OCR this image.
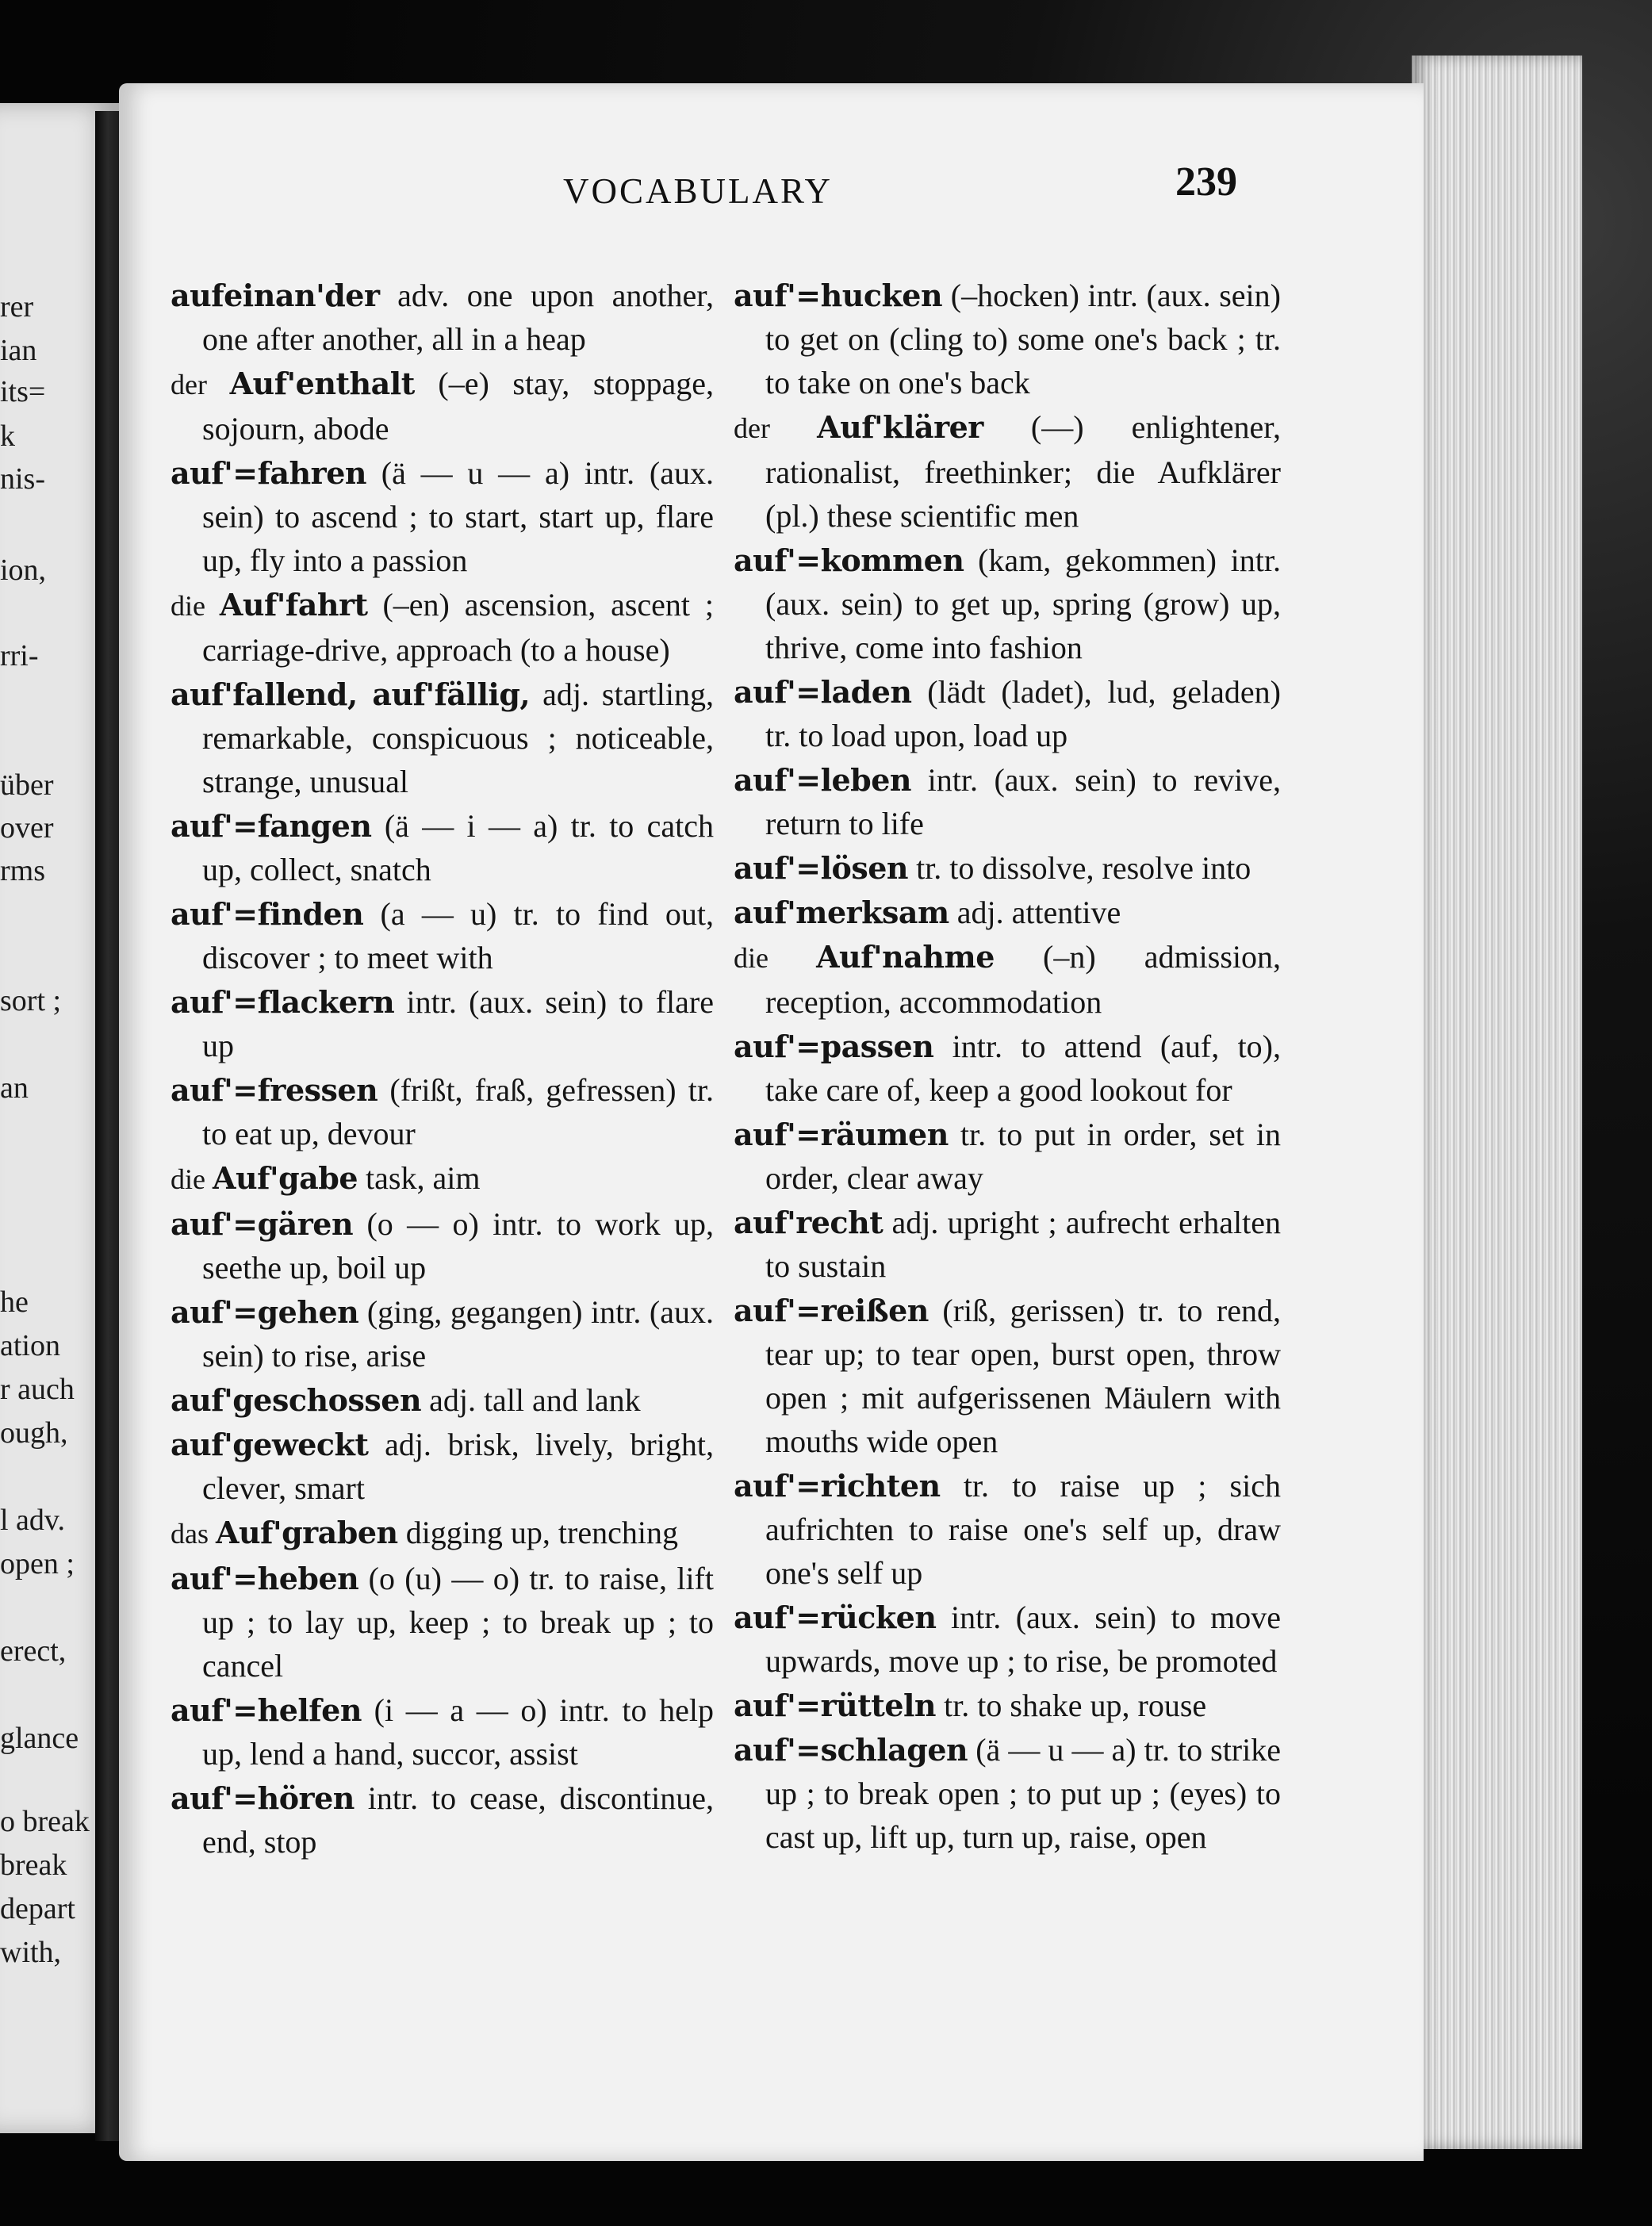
rer
ian
its=
k
nis-
ion,
rri-
über
over
rms
sort ;
an
he
ation
r auch
ough,
l adv.
open ;
erect,
glance
o break
break
depart
with,
VOCABULARY	239
aufeinan'der adv. one upon another, one after another, all in a heap
der Auf'enthalt (–e) stay, stoppage, sojourn, abode
auf'=fahren (ä — u — a) intr. (aux. sein) to ascend ; to start, start up, flare up, fly into a passion
die Auf'fahrt (–en) ascension, ascent ; carriage-drive, approach (to a house)
auf'fallend, auf'fällig, adj. startling, remarkable, conspicuous ; noticeable, strange, unusual
auf'=fangen (ä — i — a) tr. to catch up, collect, snatch
auf'=finden (a — u) tr. to find out, discover ; to meet with
auf'=flackern intr. (aux. sein) to flare up
auf'=fressen (frißt, fraß, gefressen) tr. to eat up, devour
die Auf'gabe task, aim
auf'=gären (o — o) intr. to work up, seethe up, boil up
auf'=gehen (ging, gegangen) intr. (aux. sein) to rise, arise
auf'geschossen adj. tall and lank
auf'geweckt adj. brisk, lively, bright, clever, smart
das Auf'graben digging up, trenching
auf'=heben (o (u) — o) tr. to raise, lift up ; to lay up, keep ; to break up ; to cancel
auf'=helfen (i — a — o) intr. to help up, lend a hand, succor, assist
auf'=hören intr. to cease, discontinue, end, stop
auf'=hucken (–hocken) intr. (aux. sein) to get on (cling to) some one's back ; tr. to take on one's back
der Auf'klärer (—) enlightener, rationalist, freethinker; die Aufklärer (pl.) these scientific men
auf'=kommen (kam, gekommen) intr. (aux. sein) to get up, spring (grow) up, thrive, come into fashion
auf'=laden (lädt (ladet), lud, geladen) tr. to load upon, load up
auf'=leben intr. (aux. sein) to revive, return to life
auf'=lösen tr. to dissolve, resolve into
auf'merksam adj. attentive
die Auf'nahme (–n) admission, reception, accommodation
auf'=passen intr. to attend (auf, to), take care of, keep a good lookout for
auf'=räumen tr. to put in order, set in order, clear away
auf'recht adj. upright ; aufrecht erhalten to sustain
auf'=reißen (riß, gerissen) tr. to rend, tear up; to tear open, burst open, throw open ; mit aufgerissenen Mäulern with mouths wide open
auf'=richten tr. to raise up ; sich aufrichten to raise one's self up, draw one's self up
auf'=rücken intr. (aux. sein) to move upwards, move up ; to rise, be promoted
auf'=rütteln tr. to shake up, rouse
auf'=schlagen (ä — u — a) tr. to strike up ; to break open ; to put up ; (eyes) to cast up, lift up, turn up, raise, open
